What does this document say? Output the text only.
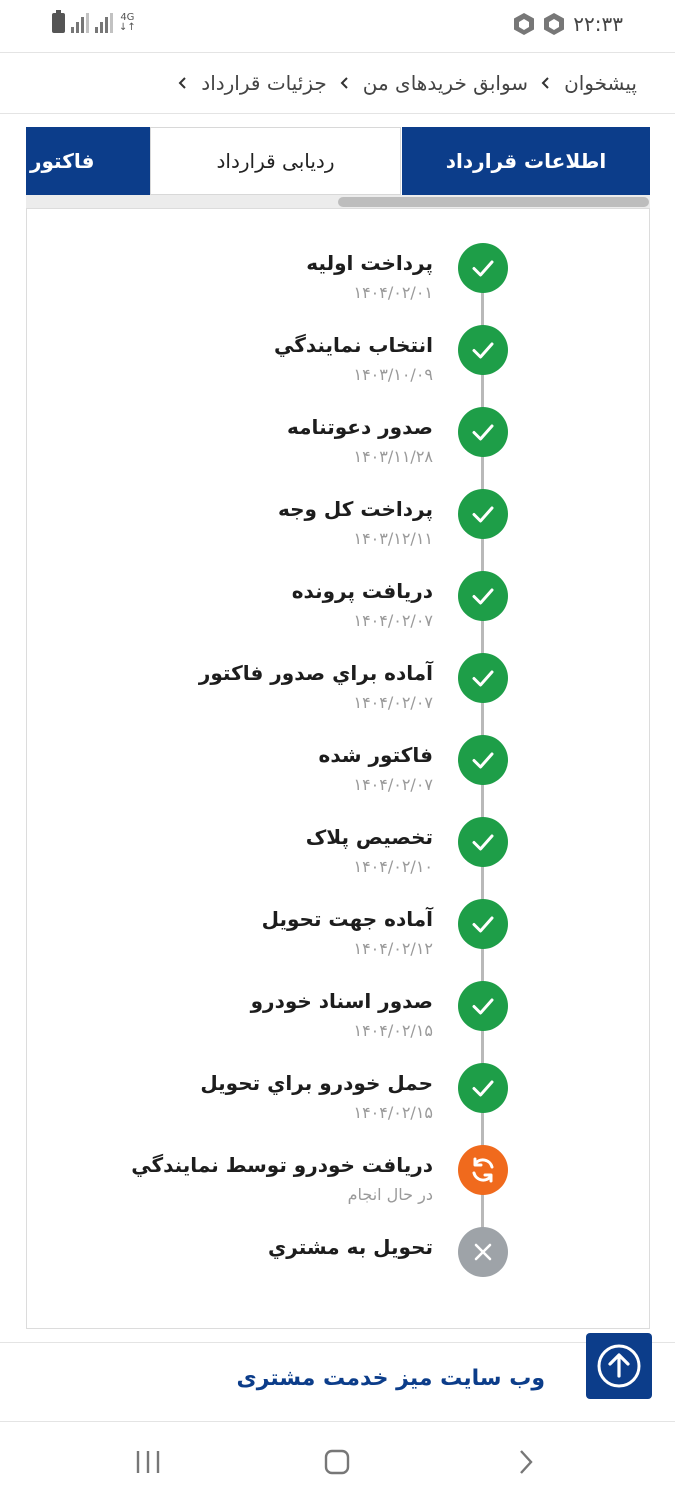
4G
↓↑	۲۲:۳۳
پیشخوان
سوابق خریدهای من
جزئیات قرارداد
اطلاعات قرارداد
ردیابی قرارداد
فاکتور
پرداخت اولیه
۱۴۰۴/۰۲/۰۱
انتخاب نمايندگي
۱۴۰۳/۱۰/۰۹
صدور دعوتنامه
۱۴۰۳/۱۱/۲۸
پرداخت کل وجه
۱۴۰۳/۱۲/۱۱
دریافت پرونده
۱۴۰۴/۰۲/۰۷
آماده براي صدور فاکتور
۱۴۰۴/۰۲/۰۷
فاکتور شده
۱۴۰۴/۰۲/۰۷
تخصیص پلاک
۱۴۰۴/۰۲/۱۰
آماده جهت تحویل
۱۴۰۴/۰۲/۱۲
صدور اسناد خودرو
۱۴۰۴/۰۲/۱۵
حمل خودرو براي تحويل
۱۴۰۴/۰۲/۱۵
دریافت خودرو توسط نمایندگي
در حال انجام
تحويل به مشتري
وب سایت میز خدمت مشتری
